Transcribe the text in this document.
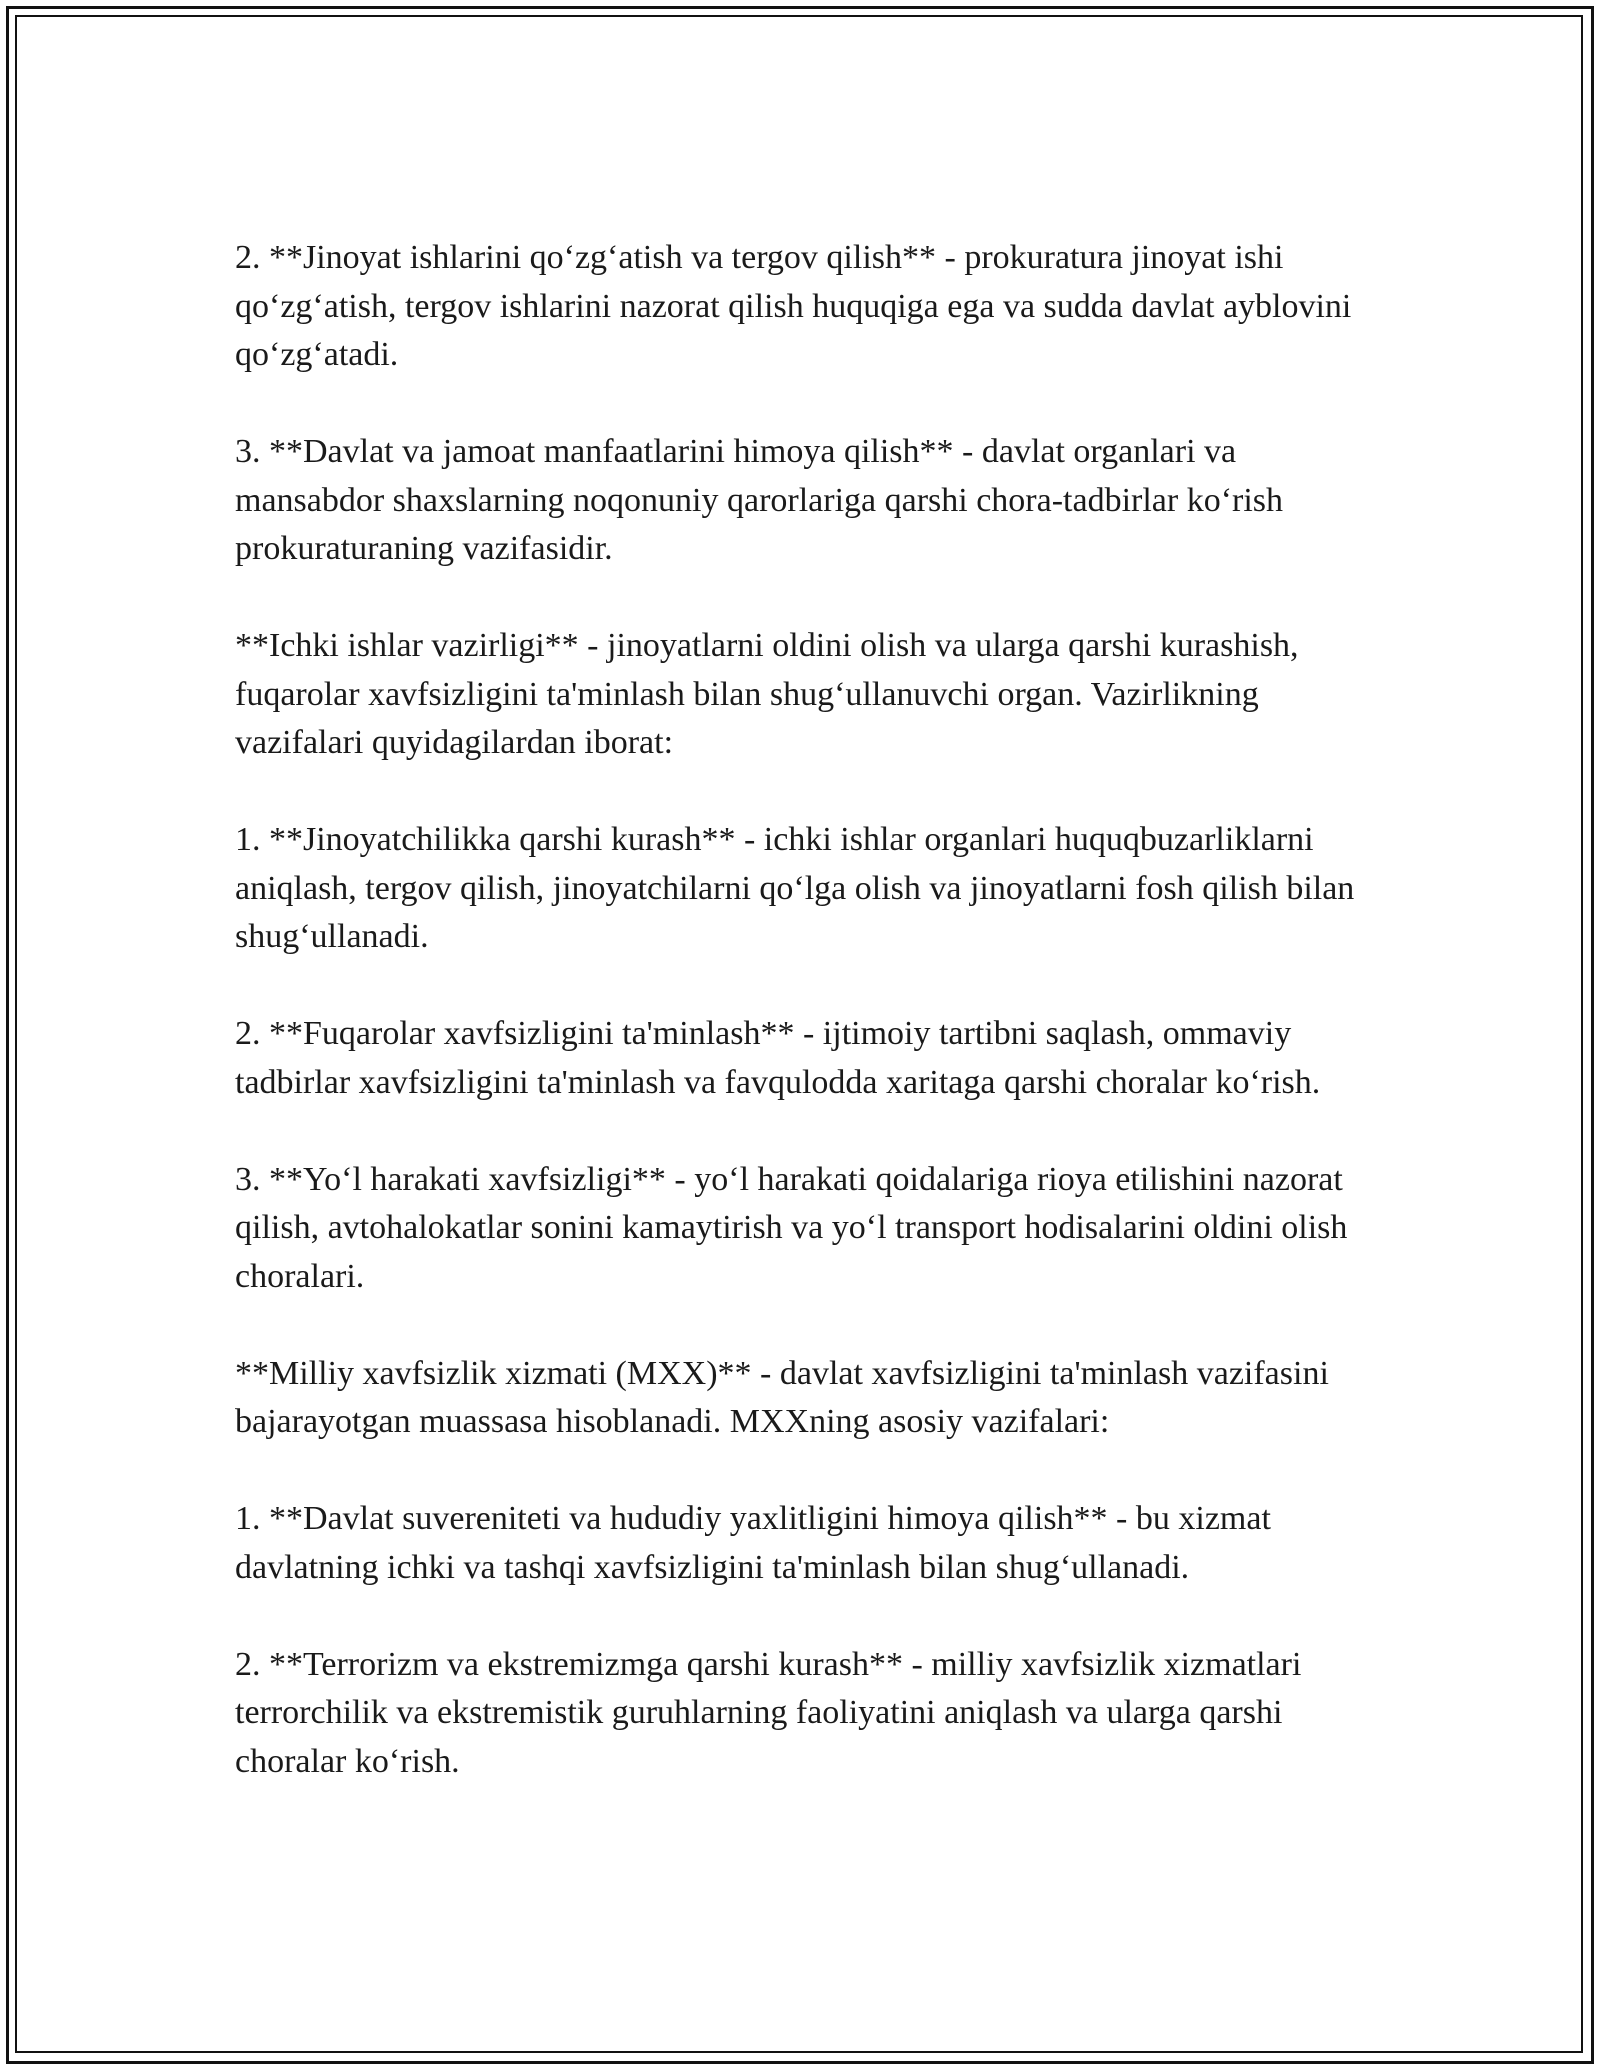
2. **Jinoyat ishlarini qo‘zg‘atish va tergov qilish** - prokuratura jinoyat ishi qo‘zg‘atish, tergov ishlarini nazorat qilish huquqiga ega va sudda davlat ayblovini qo‘zg‘atadi.

3. **Davlat va jamoat manfaatlarini himoya qilish** - davlat organlari va mansabdor shaxslarning noqonuniy qarorlariga qarshi chora-tadbirlar ko‘rish prokuraturaning vazifasidir.

**Ichki ishlar vazirligi** - jinoyatlarni oldini olish va ularga qarshi kurashish, fuqarolar xavfsizligini ta'minlash bilan shug‘ullanuvchi organ. Vazirlikning vazifalari quyidagilardan iborat:

1. **Jinoyatchilikka qarshi kurash** - ichki ishlar organlari huquqbuzarliklarni aniqlash, tergov qilish, jinoyatchilarni qo‘lga olish va jinoyatlarni fosh qilish bilan shug‘ullanadi.

2. **Fuqarolar xavfsizligini ta'minlash** - ijtimoiy tartibni saqlash, ommaviy tadbirlar xavfsizligini ta'minlash va favqulodda xaritaga qarshi choralar ko‘rish.

3. **Yo‘l harakati xavfsizligi** - yo‘l harakati qoidalariga rioya etilishini nazorat qilish, avtohalokatlar sonini kamaytirish va yo‘l transport hodisalarini oldini olish choralari.

**Milliy xavfsizlik xizmati (MXX)** - davlat xavfsizligini ta'minlash vazifasini bajarayotgan muassasa hisoblanadi. MXXning asosiy vazifalari:

1. **Davlat suvereniteti va hududiy yaxlitligini himoya qilish** - bu xizmat davlatning ichki va tashqi xavfsizligini ta'minlash bilan shug‘ullanadi.

2. **Terrorizm va ekstremizmga qarshi kurash** - milliy xavfsizlik xizmatlari terrorchilik va ekstremistik guruhlarning faoliyatini aniqlash va ularga qarshi choralar ko‘rish.
